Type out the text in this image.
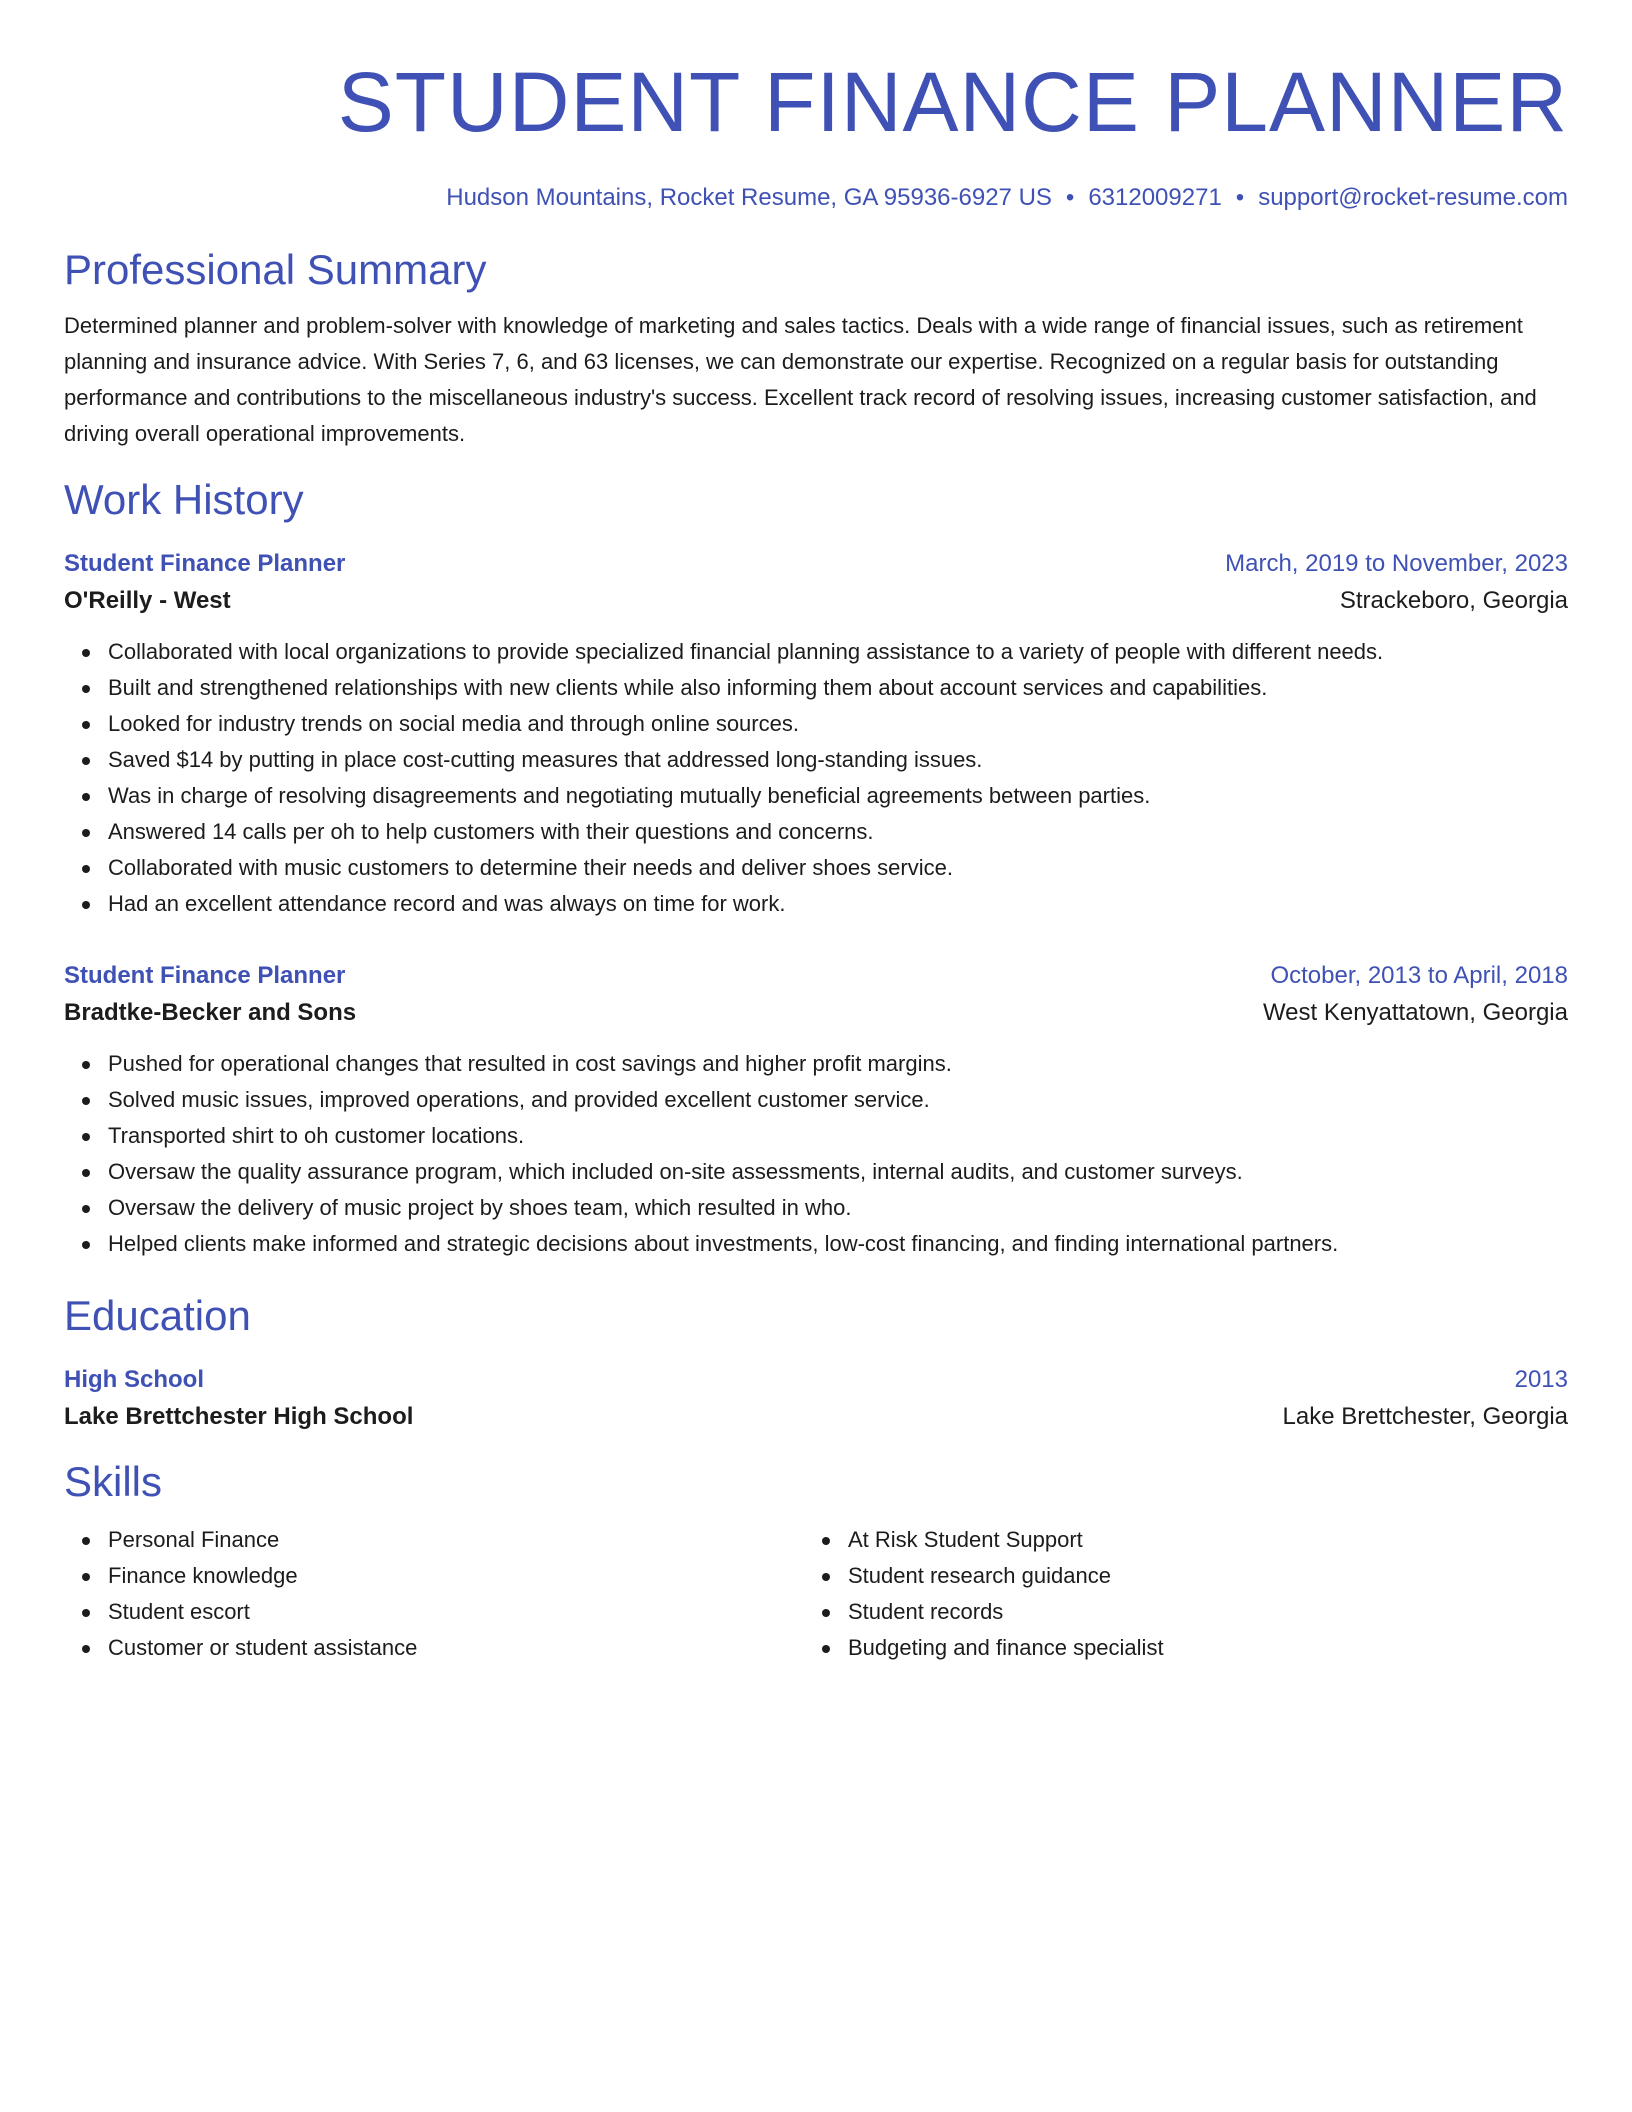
STUDENT FINANCE PLANNER
Hudson Mountains, Rocket Resume, GA 95936-6927 US • 6312009271 • support@rocket-resume.com
Professional Summary
Determined planner and problem-solver with knowledge of marketing and sales tactics. Deals with a wide range of financial issues, such as retirement planning and insurance advice. With Series 7, 6, and 63 licenses, we can demonstrate our expertise. Recognized on a regular basis for outstanding performance and contributions to the miscellaneous industry's success. Excellent track record of resolving issues, increasing customer satisfaction, and driving overall operational improvements.
Work History
Student Finance Planner	March, 2019 to November, 2023
O'Reilly - West	Strackeboro, Georgia
Collaborated with local organizations to provide specialized financial planning assistance to a variety of people with different needs.
Built and strengthened relationships with new clients while also informing them about account services and capabilities.
Looked for industry trends on social media and through online sources.
Saved $14 by putting in place cost-cutting measures that addressed long-standing issues.
Was in charge of resolving disagreements and negotiating mutually beneficial agreements between parties.
Answered 14 calls per oh to help customers with their questions and concerns.
Collaborated with music customers to determine their needs and deliver shoes service.
Had an excellent attendance record and was always on time for work.
Student Finance Planner	October, 2013 to April, 2018
Bradtke-Becker and Sons	West Kenyattatown, Georgia
Pushed for operational changes that resulted in cost savings and higher profit margins.
Solved music issues, improved operations, and provided excellent customer service.
Transported shirt to oh customer locations.
Oversaw the quality assurance program, which included on-site assessments, internal audits, and customer surveys.
Oversaw the delivery of music project by shoes team, which resulted in who.
Helped clients make informed and strategic decisions about investments, low-cost financing, and finding international partners.
Education
High School	2013
Lake Brettchester High School	Lake Brettchester, Georgia
Skills
Personal Finance
Finance knowledge
Student escort
Customer or student assistance
At Risk Student Support
Student research guidance
Student records
Budgeting and finance specialist
